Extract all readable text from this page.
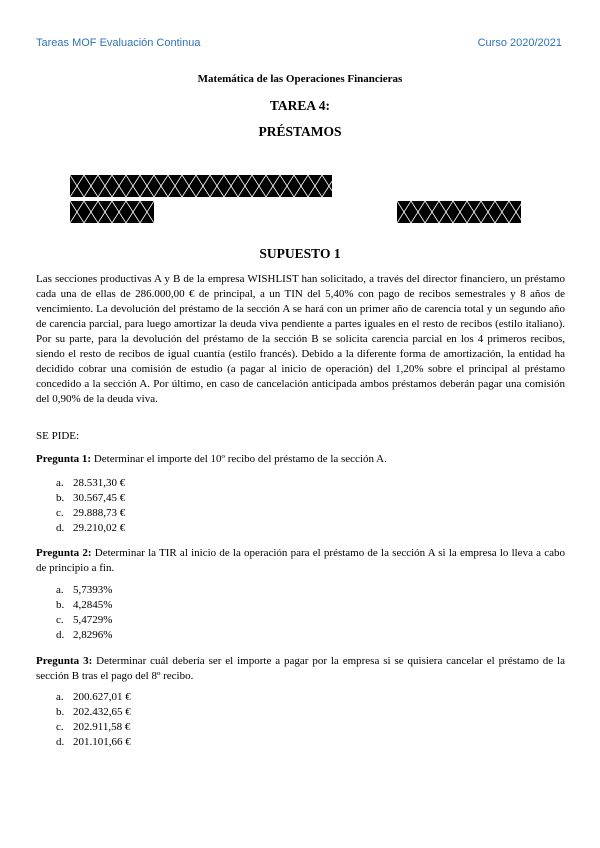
Tareas MOF Evaluación Continua	Curso 2020/2021
Matemática de las Operaciones Financieras
TAREA 4:
PRÉSTAMOS
SUPUESTO 1
Las secciones productivas A y B de la empresa WISHLIST han solicitado, a través del director financiero, un préstamo cada una de ellas de 286.000,00 € de principal, a un TIN del 5,40% con pago de recibos semestrales y 8 años de vencimiento. La devolución del préstamo de la sección A se hará con un primer año de carencia total y un segundo año de carencia parcial, para luego amortizar la deuda viva pendiente a partes iguales en el resto de recibos (estilo italiano). Por su parte, para la devolución del préstamo de la sección B se solicita carencia parcial en los 4 primeros recibos, siendo el resto de recibos de igual cuantía (estilo francés). Debido a la diferente forma de amortización, la entidad ha decidido cobrar una comisión de estudio (a pagar al inicio de operación) del 1,20% sobre el principal al préstamo concedido a la sección A. Por último, en caso de cancelación anticipada ambos préstamos deberán pagar una comisión del 0,90% de la deuda viva.
SE PIDE:
Pregunta 1: Determinar el importe del 10º recibo del préstamo de la sección A.
a. 28.531,30 €
b. 30.567,45 €
c. 29.888,73 €
d. 29.210,02 €
Pregunta 2: Determinar la TIR al inicio de la operación para el préstamo de la sección A si la empresa lo lleva a cabo de principio a fin.
a. 5,7393%
b. 4,2845%
c. 5,4729%
d. 2,8296%
Pregunta 3: Determinar cuál debería ser el importe a pagar por la empresa si se quisiera cancelar el préstamo de la sección B tras el pago del 8º recibo.
a. 200.627,01 €
b. 202.432,65 €
c. 202.911,58 €
d. 201.101,66 €
